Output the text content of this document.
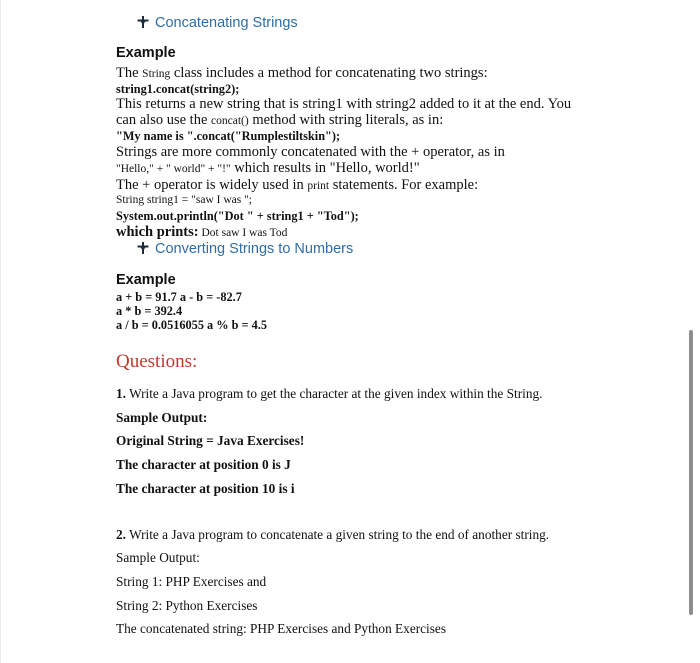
Concatenating Strings
Example
The String class includes a method for concatenating two strings:
string1.concat(string2);
This returns a new string that is string1 with string2 added to it at the end. You
can also use the concat() method with string literals, as in:
"My name is ".concat("Rumplestiltskin");
Strings are more commonly concatenated with the + operator, as in
"Hello," + " world" + "!" which results in "Hello, world!"
The + operator is widely used in print statements. For example:
String string1 = "saw I was ";
System.out.println("Dot " + string1 + "Tod");
which prints: Dot saw I was Tod
Converting Strings to Numbers
Example
a + b = 91.7 a - b = -82.7
a * b = 392.4
a / b = 0.0516055 a % b = 4.5
Questions:
1. Write a Java program to get the character at the given index within the String.
Sample Output:
Original String = Java Exercises!
The character at position 0 is J
The character at position 10 is i
2. Write a Java program to concatenate a given string to the end of another string.
Sample Output:
String 1: PHP Exercises and
String 2: Python Exercises
The concatenated string: PHP Exercises and Python Exercises
